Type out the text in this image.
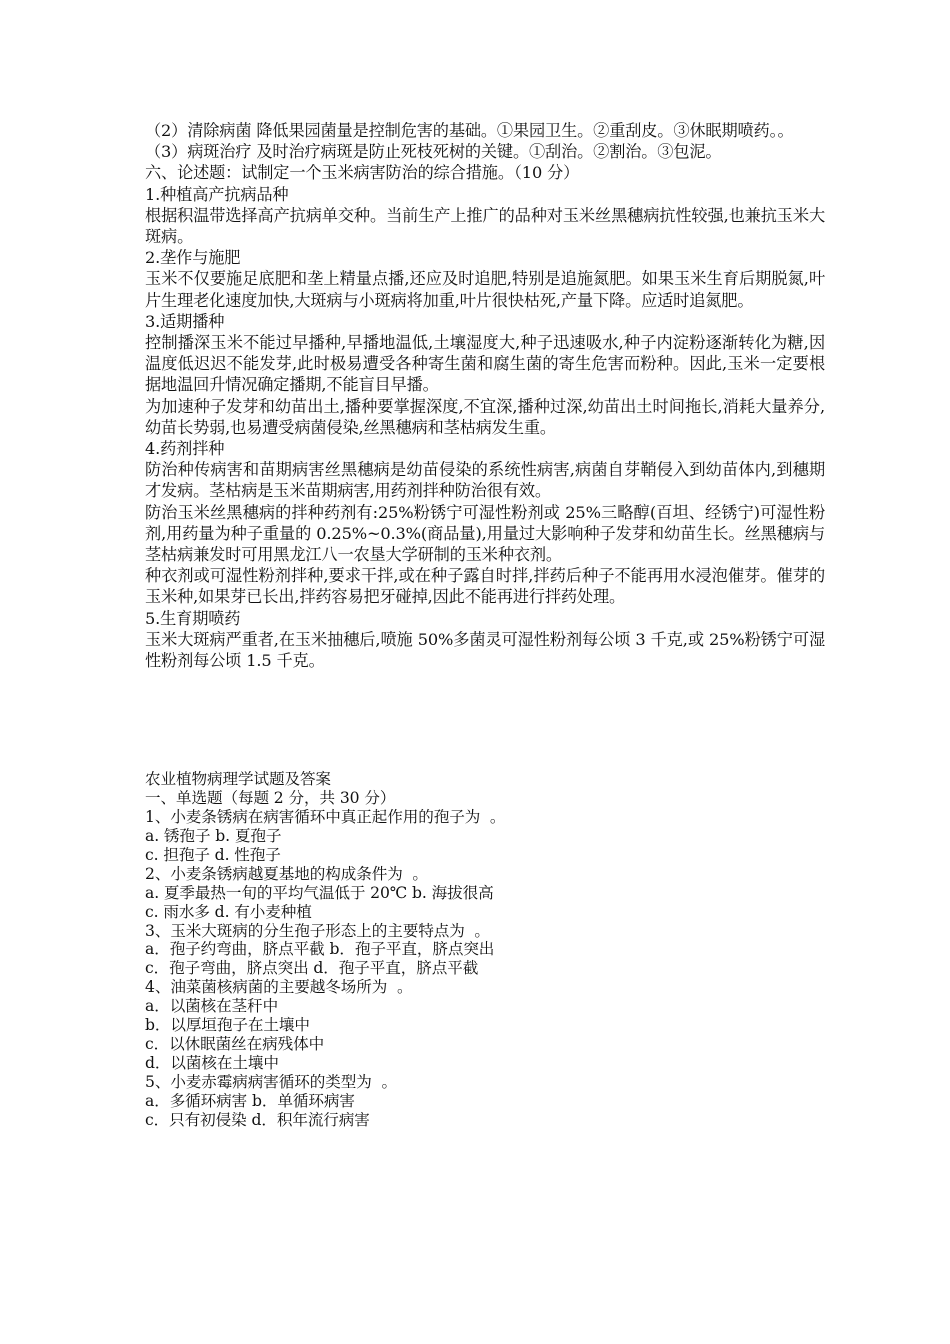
（2）清除病菌 降低果园菌量是控制危害的基础。①果园卫生。②重刮皮。③休眠期喷药。。

（3）病斑治疗 及时治疗病斑是防止死枝死树的关键。①刮治。②割治。③包泥。

六、论述题：试制定一个玉米病害防治的综合措施。（10 分）

1.种植高产抗病品种

根据积温带选择高产抗病单交种。当前生产上推广的品种对玉米丝黑穗病抗性较强,也兼抗玉米大斑病。

2.垄作与施肥

玉米不仅要施足底肥和垄上精量点播,还应及时追肥,特别是追施氮肥。如果玉米生育后期脱氮,叶片生理老化速度加快,大斑病与小斑病将加重,叶片很快枯死,产量下降。应适时追氮肥。

3.适期播种

控制播深玉米不能过早播种,早播地温低,土壤湿度大,种子迅速吸水,种子内淀粉逐渐转化为糖,因温度低迟迟不能发芽,此时极易遭受各种寄生菌和腐生菌的寄生危害而粉种。因此,玉米一定要根据地温回升情况确定播期,不能盲目早播。

为加速种子发芽和幼苗出土,播种要掌握深度,不宜深,播种过深,幼苗出土时间拖长,消耗大量养分,幼苗长势弱,也易遭受病菌侵染,丝黑穗病和茎枯病发生重。

4.药剂拌种

防治种传病害和苗期病害丝黑穗病是幼苗侵染的系统性病害,病菌自芽鞘侵入到幼苗体内,到穗期才发病。茎枯病是玉米苗期病害,用药剂拌种防治很有效。

防治玉米丝黑穗病的拌种药剂有:25%粉锈宁可湿性粉剂或 25%三略醇(百坦、经锈宁)可湿性粉剂,用药量为种子重量的 0.25%~0.3%(商品量),用量过大影响种子发芽和幼苗生长。丝黑穗病与茎枯病兼发时可用黑龙江八一农垦大学研制的玉米种衣剂。

种衣剂或可湿性粉剂拌种,要求干拌,或在种子露自时拌,拌药后种子不能再用水浸泡催芽。催芽的玉米种,如果芽已长出,拌药容易把牙碰掉,因此不能再进行拌药处理。

5.生育期喷药

玉米大斑病严重者,在玉米抽穗后,喷施 50%多菌灵可湿性粉剂每公顷 3 千克,或 25%粉锈宁可湿性粉剂每公顷 1.5 千克。

农业植物病理学试题及答案

一、单选题（每题 2 分，共 30 分）

1、小麦条锈病在病害循环中真正起作用的孢子为  。

a. 锈孢子 b. 夏孢子

c. 担孢子 d. 性孢子

2、小麦条锈病越夏基地的构成条件为  。

a. 夏季最热一旬的平均气温低于 20℃ b. 海拔很高

c. 雨水多 d. 有小麦种植

3、玉米大斑病的分生孢子形态上的主要特点为  。

a．孢子约弯曲，脐点平截 b．孢子平直，脐点突出

c．孢子弯曲，脐点突出 d．孢子平直，脐点平截

4、油菜菌核病菌的主要越冬场所为  。

a．以菌核在茎秆中

b．以厚垣孢子在土壤中

c．以休眠菌丝在病残体中

d．以菌核在土壤中

5、小麦赤霉病病害循环的类型为  。

a．多循环病害 b．单循环病害

c．只有初侵染 d．积年流行病害
